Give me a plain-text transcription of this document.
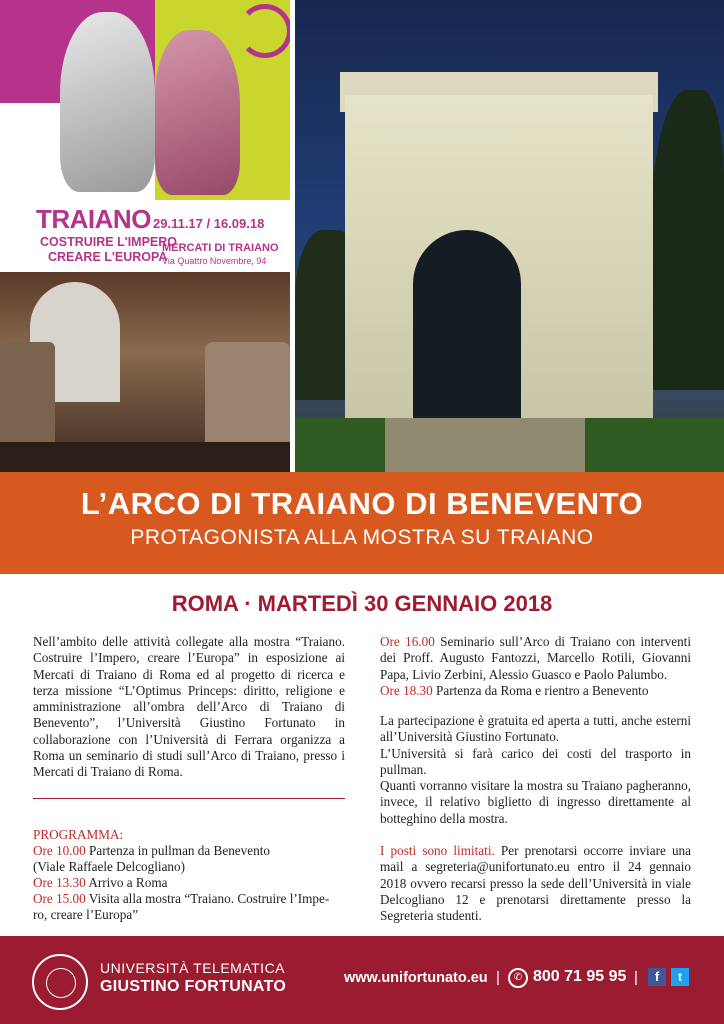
TRAIANO
COSTRUIRE L'IMPERO
CREARE L'EUROPA
29.11.17 / 16.09.18
MERCATI DI TRAIANO
Via Quattro Novembre, 94
L’ARCO DI TRAIANO DI BENEVENTO
PROTAGONISTA ALLA MOSTRA SU TRAIANO
ROMA · MARTEDÌ 30 GENNAIO 2018
Nell’ambito delle attività collegate alla mostra “Traiano. Costruire l’Impero, creare l’Europa” in esposizione ai Mercati di Traiano di Roma ed al progetto di ricerca e terza missione “L’Optimus Princeps: diritto, religione e amministrazione all’ombra dell’Arco di Traiano di Benevento”, l’Università Giustino Fortunato in collaborazione con l’Università di Ferrara organizza a Roma un seminario di studi sull’Arco di Traiano, presso i Mercati di Traiano di Roma.
PROGRAMMA:
Ore 10.00 Partenza in pullman da Benevento
(Viale Raffaele Delcogliano)
Ore 13.30 Arrivo a Roma
Ore 15.00 Visita alla mostra “Traiano. Costruire l’Impe-
ro, creare l’Europa”
Ore 16.00 Seminario sull’Arco di Traiano con interventi dei Proff. Augusto Fantozzi, Marcello Rotili, Giovanni Papa, Livio Zerbini, Alessio Guasco e Paolo Palumbo.
Ore 18.30 Partenza da Roma e rientro a Benevento
La partecipazione è gratuita ed aperta a tutti, anche esterni all’Università Giustino Fortunato.
L’Università si farà carico dei costi del trasporto in pullman.
Quanti vorranno visitare la mostra su Traiano pagheranno, invece, il relativo biglietto di ingresso direttamente al botteghino della mostra.
I posti sono limitati. Per prenotarsi occorre inviare una mail a segreteria@unifortunato.eu entro il 24 gennaio 2018 ovvero recarsi presso la sede dell’Università in viale Delcogliano 12 e prenotarsi direttamente presso la Segreteria studenti.
UNIVERSITÀ TELEMATICA
GIUSTINO FORTUNATO	www.unifortunato.eu |	✆ 800 71 95 95 |	f	t
